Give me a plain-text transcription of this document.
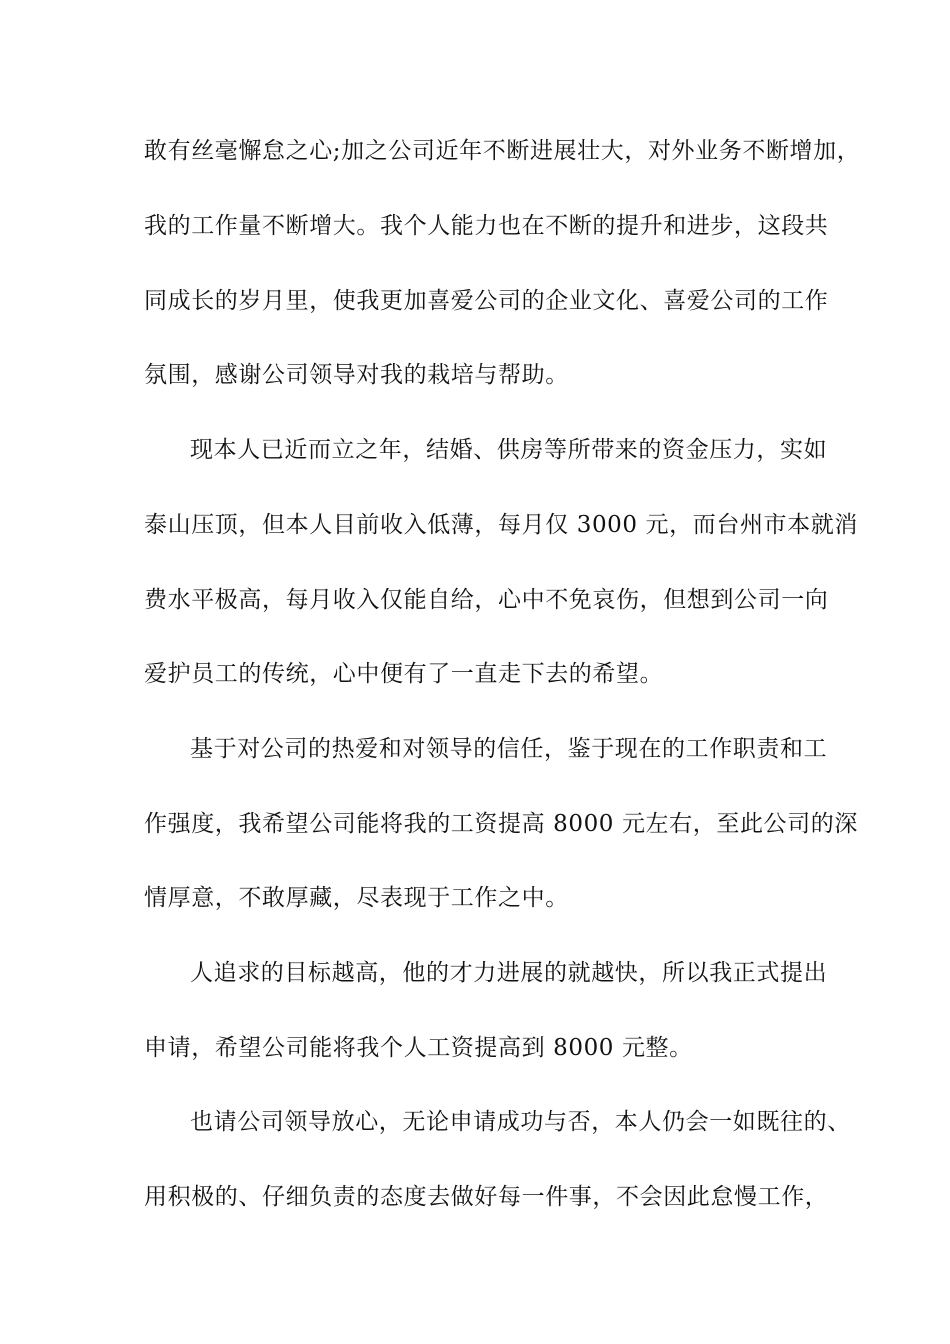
敢有丝毫懈怠之心;加之公司近年不断进展壮大，对外业务不断增加，
我的工作量不断增大。我个人能力也在不断的提升和进步，这段共
同成长的岁月里，使我更加喜爱公司的企业文化、喜爱公司的工作
氛围，感谢公司领导对我的栽培与帮助。
现本人已近而立之年，结婚、供房等所带来的资金压力，实如
泰山压顶，但本人目前收入低薄，每月仅 3000 元，而台州市本就消
费水平极高，每月收入仅能自给，心中不免哀伤，但想到公司一向
爱护员工的传统，心中便有了一直走下去的希望。
基于对公司的热爱和对领导的信任，鉴于现在的工作职责和工
作强度，我希望公司能将我的工资提高 8000 元左右，至此公司的深
情厚意，不敢厚藏，尽表现于工作之中。
人追求的目标越高，他的才力进展的就越快，所以我正式提出
申请，希望公司能将我个人工资提高到 8000 元整。
也请公司领导放心，无论申请成功与否，本人仍会一如既往的、
用积极的、仔细负责的态度去做好每一件事，不会因此怠慢工作，
